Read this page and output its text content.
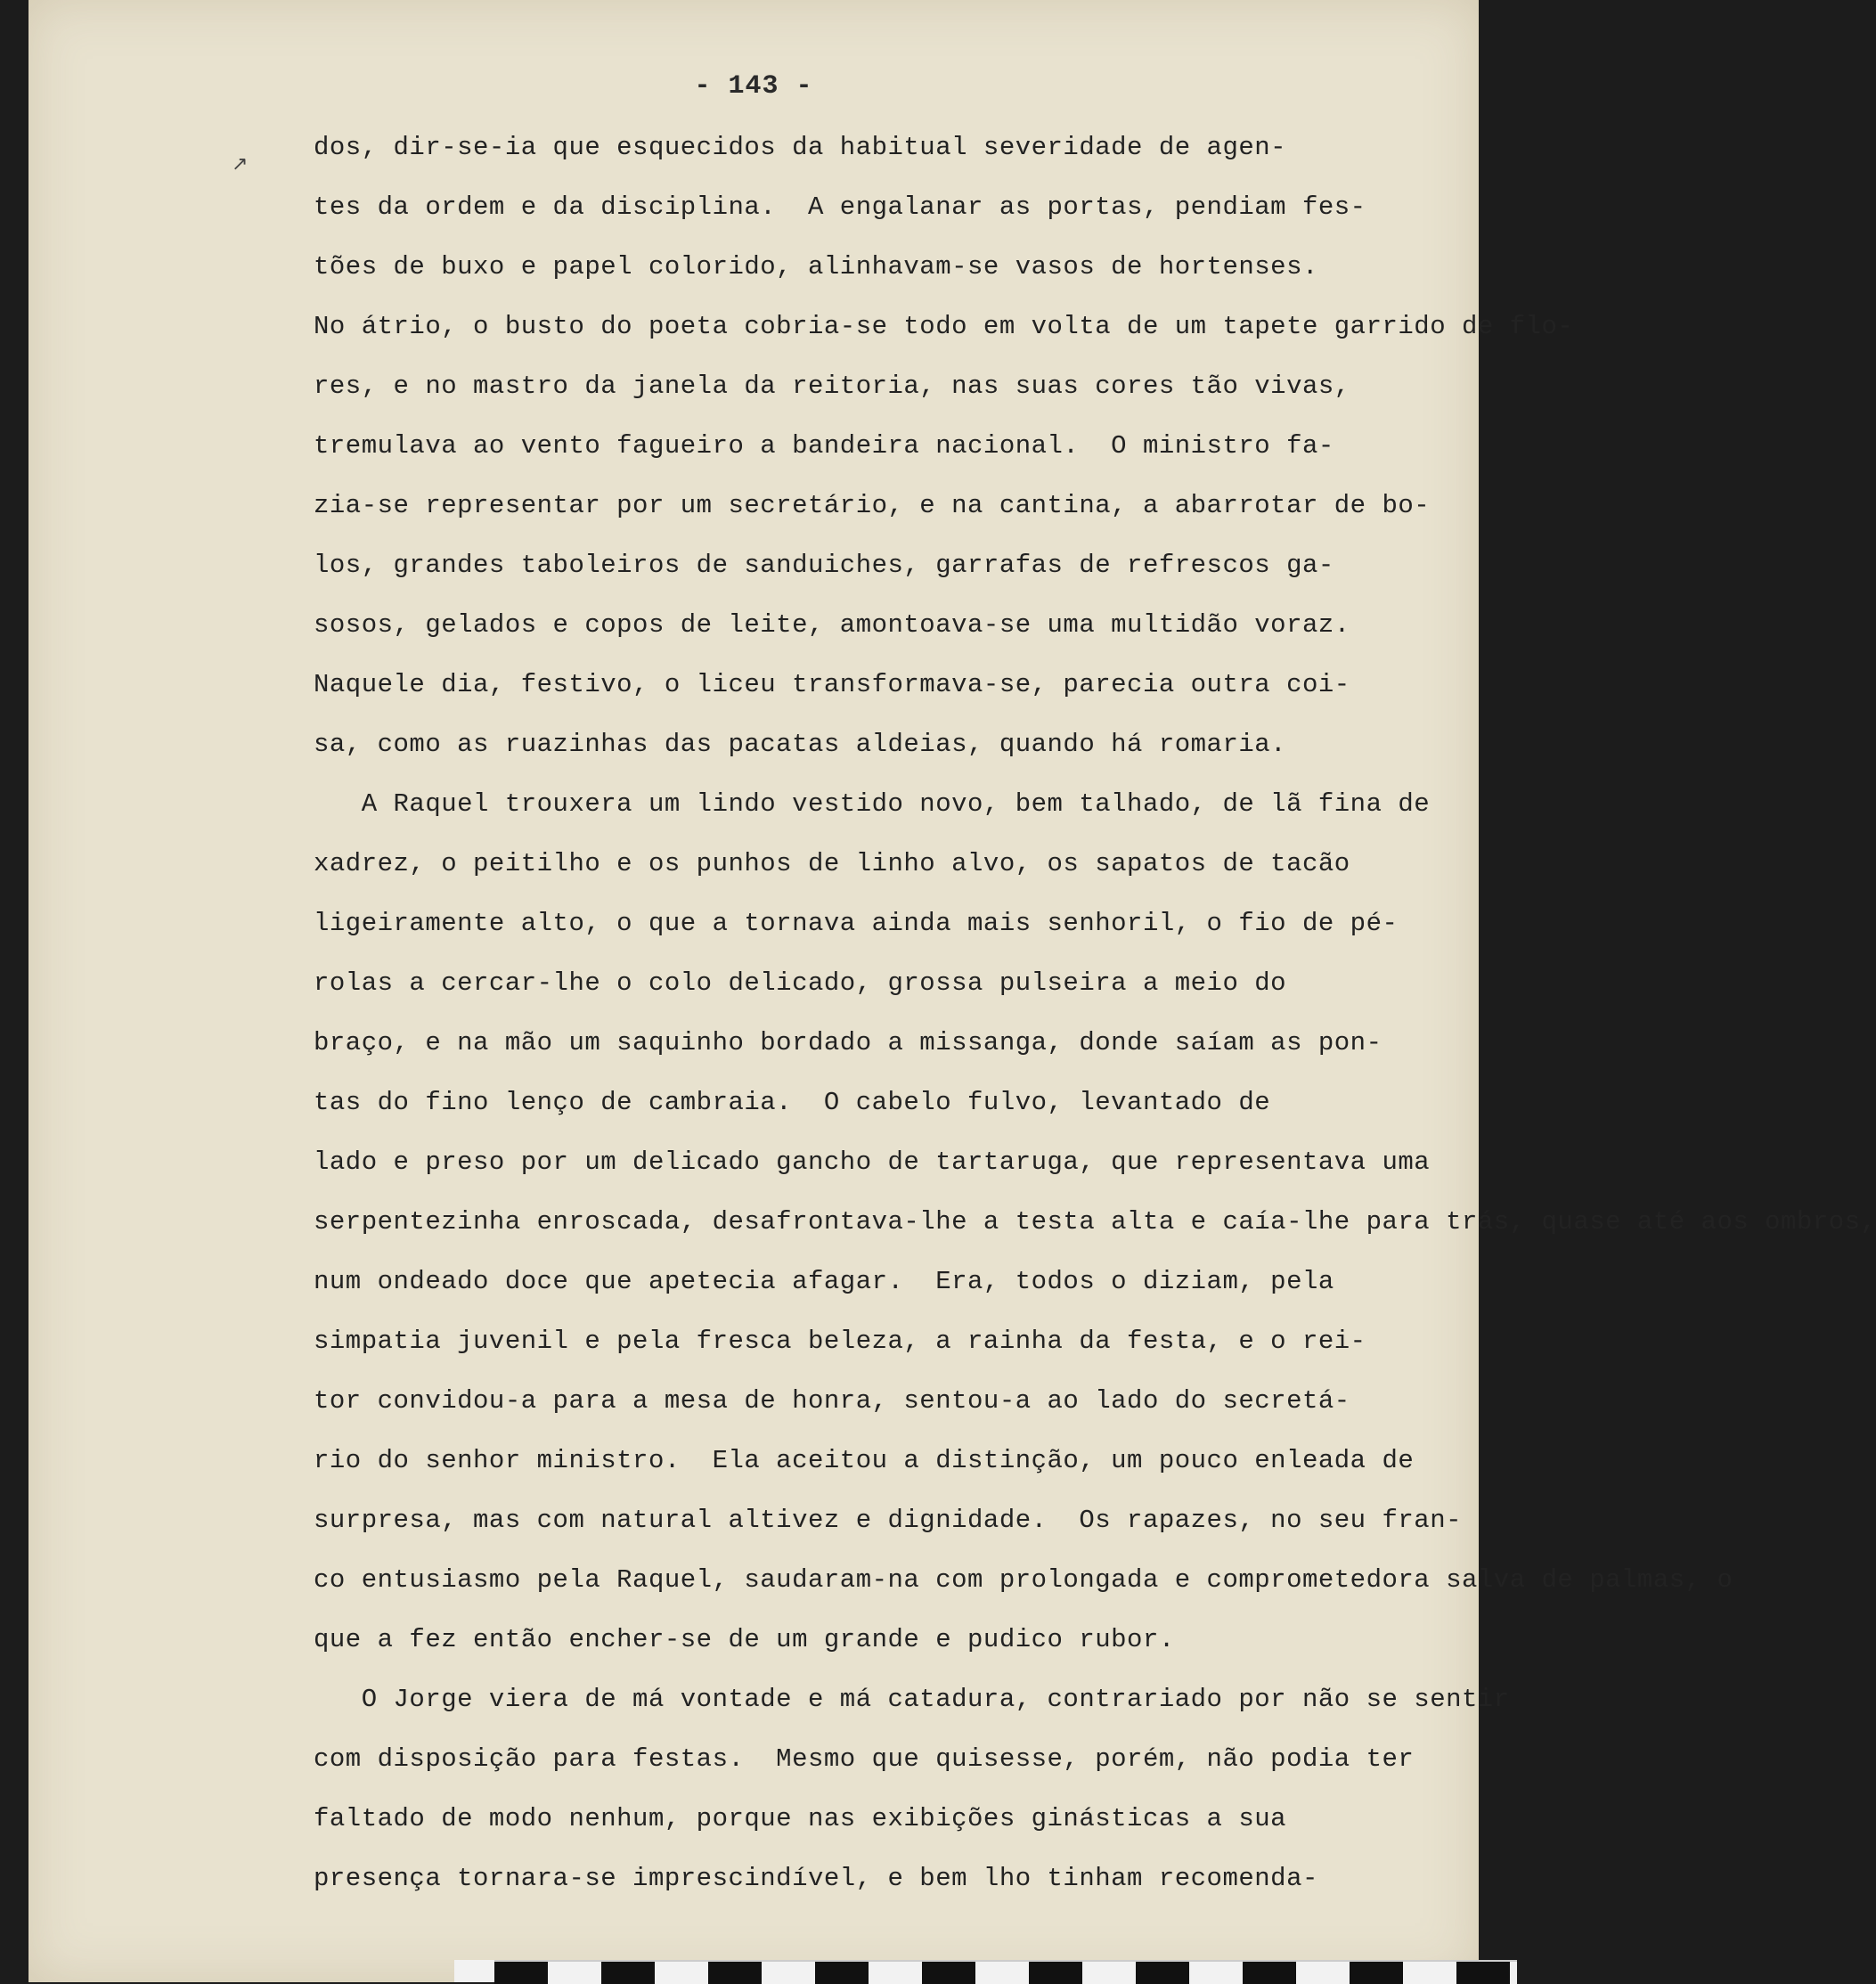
- 143 -
↗
dos, dir-se-ia que esquecidos da habitual severidade de agen-
tes da ordem e da disciplina.  A engalanar as portas, pendiam fes-
tões de buxo e papel colorido, alinhavam-se vasos de hortenses.
No átrio, o busto do poeta cobria-se todo em volta de um tapete garrido de flo-
res, e no mastro da janela da reitoria, nas suas cores tão vivas,
tremulava ao vento fagueiro a bandeira nacional.  O ministro fa-
zia-se representar por um secretário, e na cantina, a abarrotar de bo-
los, grandes taboleiros de sanduiches, garrafas de refrescos ga-
sosos, gelados e copos de leite, amontoava-se uma multidão voraz.
Naquele dia, festivo, o liceu transformava-se, parecia outra coi-
sa, como as ruazinhas das pacatas aldeias, quando há romaria.
A Raquel trouxera um lindo vestido novo, bem talhado, de lã fina de
xadrez, o peitilho e os punhos de linho alvo, os sapatos de tacão
ligeiramente alto, o que a tornava ainda mais senhoril, o fio de pé-
rolas a cercar-lhe o colo delicado, grossa pulseira a meio do
braço, e na mão um saquinho bordado a missanga, donde saíam as pon-
tas do fino lenço de cambraia.  O cabelo fulvo, levantado de
lado e preso por um delicado gancho de tartaruga, que representava uma
serpentezinha enroscada, desafrontava-lhe a testa alta e caía-lhe para trás, quase até aos ombros,
num ondeado doce que apetecia afagar.  Era, todos o diziam, pela
simpatia juvenil e pela fresca beleza, a rainha da festa, e o rei-
tor convidou-a para a mesa de honra, sentou-a ao lado do secretá-
rio do senhor ministro.  Ela aceitou a distinção, um pouco enleada de
surpresa, mas com natural altivez e dignidade.  Os rapazes, no seu fran-
co entusiasmo pela Raquel, saudaram-na com prolongada e comprometedora salva de palmas, o
que a fez então encher-se de um grande e pudico rubor.
O Jorge viera de má vontade e má catadura, contrariado por não se sentir
com disposição para festas.  Mesmo que quisesse, porém, não podia ter
faltado de modo nenhum, porque nas exibições ginásticas a sua
presença tornara-se imprescindível, e bem lho tinham recomenda-
